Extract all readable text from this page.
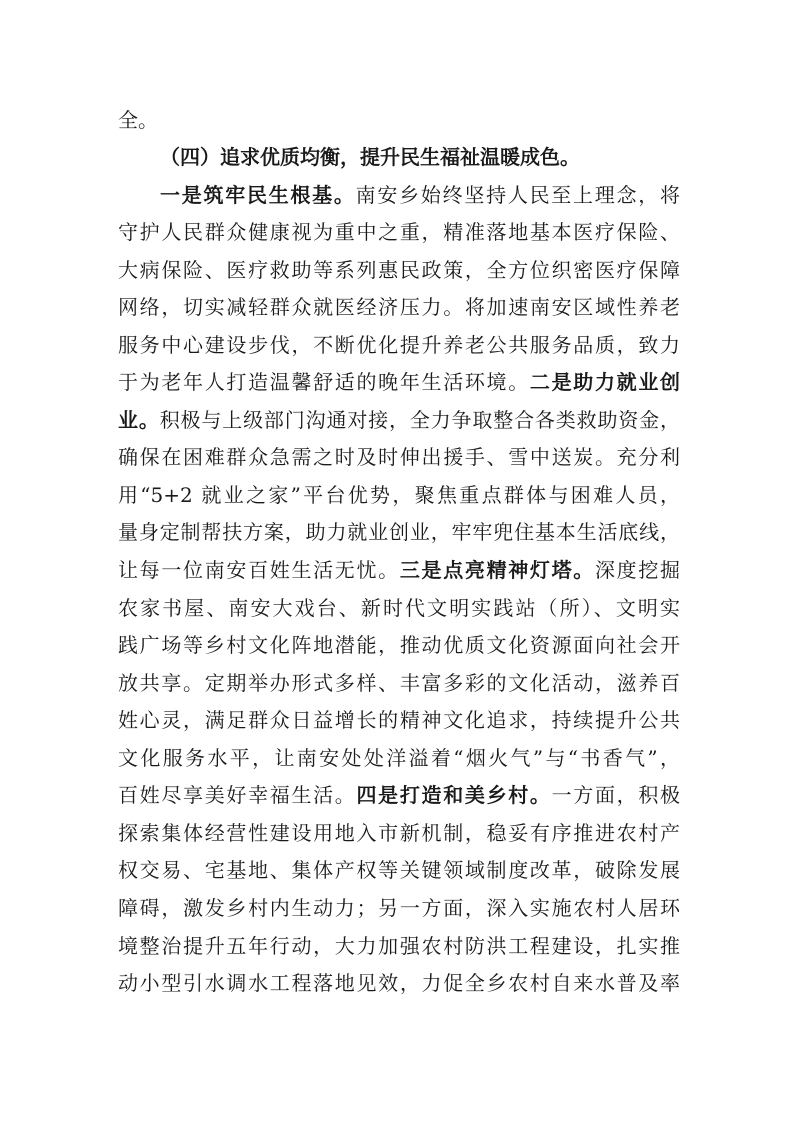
全。
（四）追求优质均衡，提升民生福祉温暖成色。
一是筑牢民生根基。南安乡始终坚持人民至上理念，将
守护人民群众健康视为重中之重，精准落地基本医疗保险、
大病保险、医疗救助等系列惠民政策，全方位织密医疗保障
网络，切实减轻群众就医经济压力。将加速南安区域性养老
服务中心建设步伐，不断优化提升养老公共服务品质，致力
于为老年人打造温馨舒适的晚年生活环境。二是助力就业创
业。积极与上级部门沟通对接，全力争取整合各类救助资金，
确保在困难群众急需之时及时伸出援手、雪中送炭。充分利
用“5+2 就业之家”平台优势，聚焦重点群体与困难人员，
量身定制帮扶方案，助力就业创业，牢牢兜住基本生活底线，
让每一位南安百姓生活无忧。三是点亮精神灯塔。深度挖掘
农家书屋、南安大戏台、新时代文明实践站（所）、文明实
践广场等乡村文化阵地潜能，推动优质文化资源面向社会开
放共享。定期举办形式多样、丰富多彩的文化活动，滋养百
姓心灵，满足群众日益增长的精神文化追求，持续提升公共
文化服务水平，让南安处处洋溢着“烟火气”与“书香气”，
百姓尽享美好幸福生活。四是打造和美乡村。一方面，积极
探索集体经营性建设用地入市新机制，稳妥有序推进农村产
权交易、宅基地、集体产权等关键领域制度改革，破除发展
障碍，激发乡村内生动力；另一方面，深入实施农村人居环
境整治提升五年行动，大力加强农村防洪工程建设，扎实推
动小型引水调水工程落地见效，力促全乡农村自来水普及率
